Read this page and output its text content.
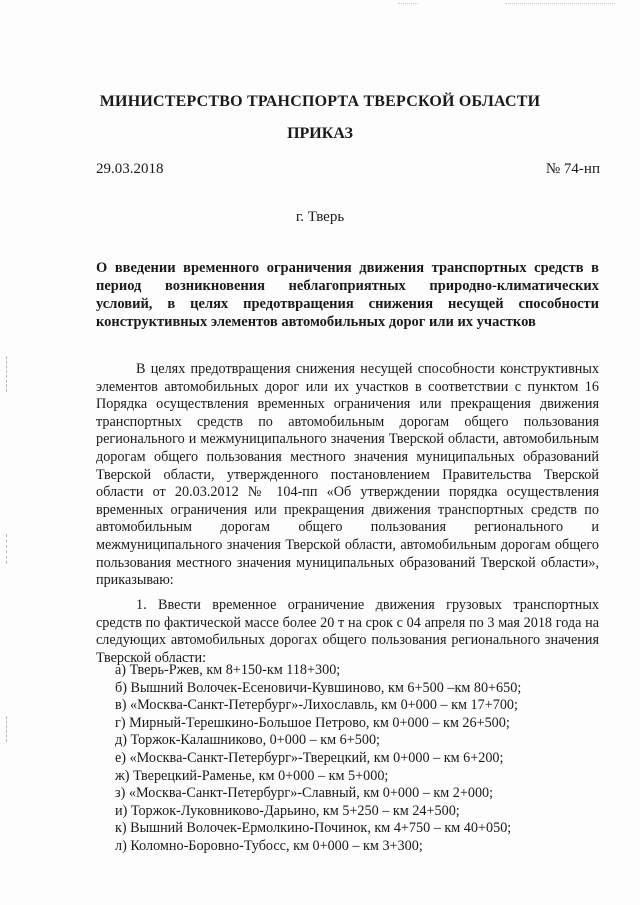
МИНИСТЕРСТВО ТРАНСПОРТА ТВЕРСКОЙ ОБЛАСТИ
ПРИКАЗ
29.03.2018	№ 74-нп
г. Тверь
О введении временного ограничения движения транспортных средств в период возникновения неблагоприятных природно-климатических условий, в целях предотвращения снижения несущей способности конструктивных элементов автомобильных дорог или их участков

В целях предотвращения снижения несущей способности конструктивных элементов автомобильных дорог или их участков в соответствии с пунктом 16 Порядка осуществления временных ограничения или прекращения движения транспортных средств по автомобильным дорогам общего пользования регионального и межмуниципального значения Тверской области, автомобильным дорогам общего пользования местного значения муниципальных образований Тверской области, утвержденного постановлением Правительства Тверской области от 20.03.2012 № 104-пп «Об утверждении порядка осуществления временных ограничения или прекращения движения транспортных средств по автомобильным дорогам общего пользования регионального и межмуниципального значения Тверской области, автомобильным дорогам общего пользования местного значения муниципальных образований Тверской области», приказываю:

1. Ввести временное ограничение движения грузовых транспортных средств по фактической массе более 20 т на срок с 04 апреля по 3 мая 2018 года на следующих автомобильных дорогах общего пользования регионального значения Тверской области:

а) Тверь-Ржев, км 8+150-км 118+300;
б) Вышний Волочек-Есеновичи-Кувшиново, км 6+500 –км 80+650;
в) «Москва-Санкт-Петербург»-Лихославль, км 0+000 – км 17+700;
г) Мирный-Терешкино-Большое Петрово, км 0+000 – км 26+500;
д) Торжок-Калашниково, 0+000 – км 6+500;
е) «Москва-Санкт-Петербург»-Тверецкий, км 0+000 – км 6+200;
ж) Тверецкий-Раменье, км 0+000 – км 5+000;
з) «Москва-Санкт-Петербург»-Славный, км 0+000 – км 2+000;
и) Торжок-Луковниково-Дарьино, км 5+250 – км 24+500;
к) Вышний Волочек-Ермолкино-Починок, км 4+750 – км 40+050;
л) Коломно-Боровно-Тубосс, км 0+000 – км 3+300;
